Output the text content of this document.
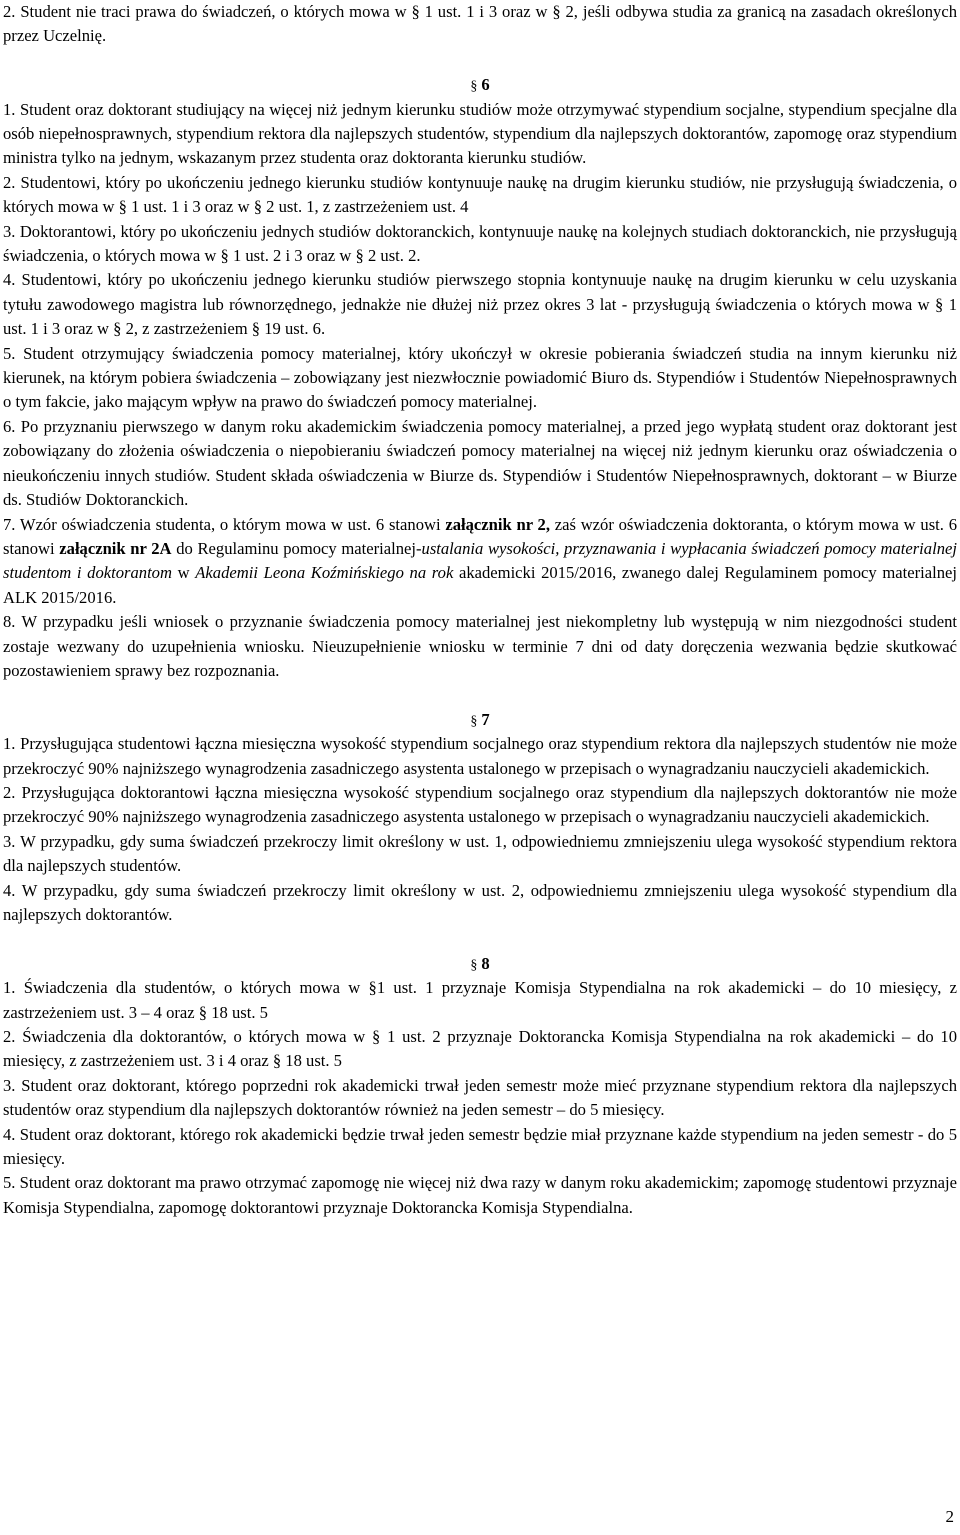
2. Student nie traci prawa do świadczeń, o których mowa w § 1 ust. 1 i 3 oraz w § 2, jeśli odbywa studia za granicą na zasadach określonych przez Uczelnię.

§ 6

1. Student oraz doktorant studiujący na więcej niż jednym kierunku studiów może otrzymywać stypendium socjalne, stypendium specjalne dla osób niepełnosprawnych, stypendium rektora dla najlepszych studentów, stypendium dla najlepszych doktorantów, zapomogę oraz stypendium ministra tylko na jednym, wskazanym przez studenta oraz doktoranta kierunku studiów.

2. Studentowi, który po ukończeniu jednego kierunku studiów kontynuuje naukę na drugim kierunku studiów, nie przysługują świadczenia, o których mowa w § 1 ust. 1 i 3 oraz w § 2 ust. 1, z zastrzeżeniem ust. 4

3. Doktorantowi, który po ukończeniu jednych studiów doktoranckich, kontynuuje naukę na kolejnych studiach doktoranckich, nie przysługują świadczenia, o których mowa w § 1 ust. 2 i 3 oraz w § 2 ust. 2.

4. Studentowi, który po ukończeniu jednego kierunku studiów pierwszego stopnia kontynuuje naukę na drugim kierunku w celu uzyskania tytułu zawodowego magistra lub równorzędnego, jednakże nie dłużej niż przez okres 3 lat - przysługują świadczenia o których mowa w § 1 ust. 1 i 3 oraz w § 2, z zastrzeżeniem § 19 ust. 6.

5. Student otrzymujący świadczenia pomocy materialnej, który ukończył w okresie pobierania świadczeń studia na innym kierunku niż kierunek, na którym pobiera świadczenia – zobowiązany jest niezwłocznie powiadomić Biuro ds. Stypendiów i Studentów Niepełnosprawnych o tym fakcie, jako mającym wpływ na prawo do świadczeń pomocy materialnej.

6. Po przyznaniu pierwszego w danym roku akademickim świadczenia pomocy materialnej, a przed jego wypłatą student oraz doktorant jest zobowiązany do złożenia oświadczenia o niepobieraniu świadczeń pomocy materialnej na więcej niż jednym kierunku oraz oświadczenia o nieukończeniu innych studiów. Student składa oświadczenia w Biurze ds. Stypendiów i Studentów Niepełnosprawnych, doktorant – w Biurze ds. Studiów Doktoranckich.

7. Wzór oświadczenia studenta, o którym mowa w ust. 6 stanowi załącznik nr 2, zaś wzór oświadczenia doktoranta, o którym mowa w ust. 6 stanowi załącznik nr 2A do Regulaminu pomocy materialnej-ustalania wysokości, przyznawania i wypłacania świadczeń pomocy materialnej studentom i doktorantom w Akademii Leona Koźmińskiego na rok akademicki 2015/2016, zwanego dalej Regulaminem pomocy materialnej ALK 2015/2016.

8. W przypadku jeśli wniosek o przyznanie świadczenia pomocy materialnej jest niekompletny lub występują w nim niezgodności student zostaje wezwany do uzupełnienia wniosku. Nieuzupełnienie wniosku w terminie 7 dni od daty doręczenia wezwania będzie skutkować pozostawieniem sprawy bez rozpoznania.

§ 7

1. Przysługująca studentowi łączna miesięczna wysokość stypendium socjalnego oraz stypendium rektora dla najlepszych studentów nie może przekroczyć 90% najniższego wynagrodzenia zasadniczego asystenta ustalonego w przepisach o wynagradzaniu nauczycieli akademickich.

2. Przysługująca doktorantowi łączna miesięczna wysokość stypendium socjalnego oraz stypendium dla najlepszych doktorantów nie może przekroczyć 90% najniższego wynagrodzenia zasadniczego asystenta ustalonego w przepisach o wynagradzaniu nauczycieli akademickich.

3. W przypadku, gdy suma świadczeń przekroczy limit określony w ust. 1, odpowiedniemu zmniejszeniu ulega wysokość stypendium rektora dla najlepszych studentów.

4. W przypadku, gdy suma świadczeń przekroczy limit określony w ust. 2, odpowiedniemu zmniejszeniu ulega wysokość stypendium dla najlepszych doktorantów.

§ 8

1. Świadczenia dla studentów, o których mowa w §1 ust. 1 przyznaje Komisja Stypendialna na rok akademicki – do 10 miesięcy, z zastrzeżeniem ust. 3 – 4 oraz § 18 ust. 5

2. Świadczenia dla doktorantów, o których mowa w § 1 ust. 2 przyznaje Doktorancka Komisja Stypendialna na rok akademicki – do 10 miesięcy, z zastrzeżeniem ust. 3 i 4 oraz § 18 ust. 5

3. Student oraz doktorant, którego poprzedni rok akademicki trwał jeden semestr może mieć przyznane stypendium rektora dla najlepszych studentów oraz stypendium dla najlepszych doktorantów również na jeden semestr – do 5 miesięcy.

4. Student oraz doktorant, którego rok akademicki będzie trwał jeden semestr będzie miał przyznane każde stypendium na jeden semestr - do 5 miesięcy.

5. Student oraz doktorant ma prawo otrzymać zapomogę nie więcej niż dwa razy w danym roku akademickim; zapomogę studentowi przyznaje Komisja Stypendialna, zapomogę doktorantowi przyznaje Doktorancka Komisja Stypendialna.

2
